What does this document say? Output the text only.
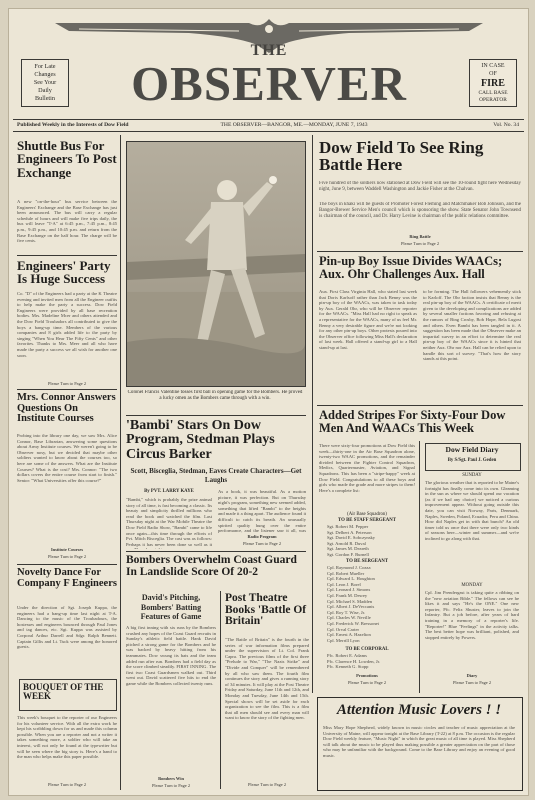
THE
OBSERVER
For Late
Changes
See Your
Daily
Bulletin
IN CASE
OF
FIRE
CALL BASE
OPERATOR
Published Weekly in the Interests of Dow Field	THE OBSERVER—BANGOR, ME.—MONDAY, JUNE 7, 1943	Vol. No. 34
Shuttle Bus For Engineers To Post Exchange
A new "on-the-hour" bus service between the Engineers' Exchange and the Base Exchange has just been announced. The bus will carry a regular schedule of hours and will make five trips daily, the bus will leave "T-A" at 6:45 p.m., 7:45 p.m., 8:45 p.m., 9:45 p.m., and 10:45 p.m. and return from the Base Exchange on the half hour. The charge will be five cents.
Engineers' Party Is Huge Success
Co. "D" of the Engineers had a party at the K Theatre evening and invited men from all the Engineer outfits to help make the party a success. Dow Field Engineers were provided by all base recreation bodies. Mrs. Madeline Mcer and others attended and the Dow Field Troubadors all contributed to give the boys a bang-up time. Members of the various companies and 8 girls added life to the party by singing "When You Hear The Fifty Cents" and other favorites. Thanks to Mrs. Meer and all who have made the party a success we all wish for another one soon.
Please Turn to Page 2
Mrs. Connor Answers Questions On Institute Courses
Probing into the library one day, we saw Mrs. Alice Connor, Base Librarian, answering some questions about Army Institute courses. We weren't going to be Observer nosy, but we decided that maybe other soldiers wanted to know about the courses too, so here are some of the answers. What are the Institute Courses? What is the cost? Mrs. Connor: "The two dollars covers the entire course from start to finish." Senior: "What Universities offer this course?"
Institute Courses
Please Turn to Page 2
Novelty Dance For Company F Engineers
Under the direction of Sgt. Joseph Kuppa, the engineers had a bang-up time last night at T-A. Dancing to the music of the Troubadours, the hostesses and engineers bounced through Paul Jones and tag dances, etc. Sgt. Kuppa was assisted by Corporal Arthur Darrell and Sdgr. Ralph Bennett. Captain Gillis and Lt. Tuck were among the honored guests.
BOUQUET OF THE WEEK
This week's bouquet to the reporter of our Engineers for his volunteer service. With all the extra work he kept his scribbling down for us and made this column possible. When you are a reporter and not a writer it takes something more, a soldier who will take an interest, will not only be found at the typewriter but will be seen where the big story is. Here's a hand to the man who helps make this paper possible.
Please Turn to Page 2
Colonel Francis Valentine tosses first ball in opening game for the Bombers. He proved a lucky omen as the Bombers came through with a win.
'Bambi' Stars On Dow Program, Stedman Plays Circus Barker
Scott, Bisceglia, Stedman, Eaves Create Characters—Get Laughs
By PVT. LARRY KAYE
"Bambi," which is probably the prize animal story of all time, is fast becoming a classic. Its beauty and simplicity thrilled millions who read the book and watched the film. Last Thursday night at the War Mobile Theatre the Dow Field Radio Show, "Bambi" came to life once again—this time through the efforts of Pvt. Mitch Bisceglia. The cast was as follows: Perhaps it has never been done so well as it
As a book, it was beautiful. As a motion picture, it was perfection. But on Thursday night's program, something new seemed added, something that lifted "Bambi" to the heights and made it a thing apart. The audience found it difficult to catch its breath. An unusually spirited quality hung over the entire performance, and the listener saw it all, was
Radio Program
Please Turn to Page 2
Bombers Overwhelm Coast Guard In Landslide Score Of 20-2
David's Pitching, Bombers' Batting Features of Game
A big first inning with six runs by the Bombers crushed any hopes of the Coast Guard recruits in Sunday's athletic field battle. Hank David pitched a strong game for the Bombers and he was backed by heavy hitting from his teammates. Dow swung its bats and the team added run after run. Bombers had a field day as the score climbed steadily. FIRST INNING. The first two Coast Guardsmen walked out. Third went out. David scattered five hits to end the game while the Bombers collected twenty runs.
Bombers Win
Please Turn to Page 2
Post Theatre Books 'Battle Of Britain'
"The Battle of Britain" is the fourth in the series of war information films prepared under the supervision of Lt. Col. Frank Capra. The previous films of the first three "Prelude to War," "The Nazis Strike" and "Divide and Conquer" will be remembered by all who saw them. The fourth film continues the story and gives a running story of 34 minutes. It will play at the Post Theatre Friday and Saturday, June 11th and 12th, and Monday and Tuesday, June 14th and 15th. Special shows will be set aside for each organization to see the film. This is a film that all men should see and every man will want to know the story of the fighting men.
Please Turn to Page 2
Dow Field To See Ring Battle Here
Five hundred of the soldiers now stationed at Dow Field will see the 10-round fight here Wednesday night, June 9, between Waddell Washington and Jackie Fisher at the Chalvan.
The boys in khaki will be guests of Promoter Forest Fleming and Matchmaker Bob Johnson, and the Bangor-Brewer Service Men's council which is sponsoring the show. State Senator John Townsend is chairman of the council, and Dr. Harry Levine is chairman of the public relations committee.
Ring Battle
Please Turn to Page 2
Pin-up Boy Issue Divides WAACs; Aux. Ohr Challenges Aux. Hall
Aux. First Class Virginia Hall, who stated last week that Doris Karlsoff rather than Jack Benny was the pin-up boy of the WAACs, was taken to task today by Aux. Gerald Ohr, who will be Observer reporter for the WAACs. "Miss Hall had no right to speak as a representative for the WAACs, many of us feel Mr. Benny a very desirable figure and we're not looking for any other pin-up boys. Other protests poured into the Observer office following Miss Hall's declaration of last week. Hall offered a stand-up girl to a Hall stand-up at last.
to be forming. The Hall followers vehemently stick to Karloff. The Ohr faction insists that Benny is the real pin-up boy of the WAACs. A certificate of merit given to the developing and complications are added by several smaller factions favoring and refusing at the rumors of Bing Crosby, Bob Hope, Bela Lugosi and others. Even Bambi has been tangled in it. A suggestion has been made that the Observer make an impartial survey in an effort to determine the real pin-up boy of the WAACs since it is hinted that neither Aux. Ohr nor Aux. Hall can be relied upon to handle this sort of survey. "That's how the story stands at this point.
Added Stripes For Sixty-Four Dow Men And WAACs This Week
There were sixty-four promotions at Dow Field this week—thirty-one in the Air Base Squadron alone, twenty-two WAAC promotions, and the remainder divided between the Fighter Control Squadron, Medics, Quartermaster, Aviation, and Signal Squadrons. This has been a "stripe-happy" week at Dow Field. Congratulations to all these boys and girls who made the grade and more stripes to them! Here's a complete list:
(Air Base Squadron)
TO BE STAFF SERGEANT
Sgt. Robert M. Pepper
Sgt. Delbert A. Peterson
Sgt. David E. Sobczynsky
Sgt. Arnold R. Duval
Sgt. James M. Deareth
Sgt. Gordon F. Burnell
TO BE SERGEANT
Cpl. Raymond J. Cozza
Cpl. Robert Mueller
Cpl. Edward L. Houghton
Cpl. Leon J. Borel
Cpl. Leonard J. Simons
Cpl. Frank M. Desrey
Cpl. Michael S. Madden
Cpl. Albert J. DeVeccanis
Cpl. Roy T. Wise, Jr.
Cpl. Charles W. Neville
Cpl. Frederick W. Bressonet
Cpl. Orval Carter
Cpl. Ernest A. Hazelton
Cpl. Merrill Lyon
TO BE CORPORAL
Pfc. Robert E. Adams
Pfc. Clarence H. Lowden, Jr.
Pfc. Kenneth G. Stopp
Promotions
Please Turn to Page 2
Dow Field Diary
By S/Sgt. Paul J. Geden
SUNDAY
The glorious weather that is reported to be Maine's fortnight has finally come into its own. Gleaming in the sun as where we should spend our vacation (as if we had any choice) we noticed a curious improvement appear. Without going outside this date, you can visit Norway, Paris, Denmark, Naples, Sweden, Poland, Ecuador, Peru and China. How did Naples get in with that bunch? An old timer told us once that there were only two kinds of seasons here—winter and summer—and we're inclined to go along with that.
MONDAY
Cpl. Jim Prendergast is taking quite a ribbing on the "new aviation Bible." The fellows can see he likes it and says "He's the ONE." One new reporter, Pfc. Felix Shuster, leaves to join the Infantry. But a job before, after years of hard training in a memory of a reporter's life. "Reporter!" Blue "Feelings" in the activity talks. The best better hope was brilliant, polished, and stopped entirely by Powers.
Diary
Please Turn to Page 2
Attention Music Lovers ! !
Miss Mary Hope Shepherd, widely known in music circles and teacher of music appreciation at the University of Maine, will appear tonight at the Base Library (T-22) at 8 p.m. The occasion is the regular Dow Field weekly feature, "Music Night" in which the great music of all time is played. Miss Shepherd will talk about the music to be played thus making possible a greater appreciation on the part of those who may be unfamiliar with the background. Come to the Base Library and enjoy an evening of good music.
